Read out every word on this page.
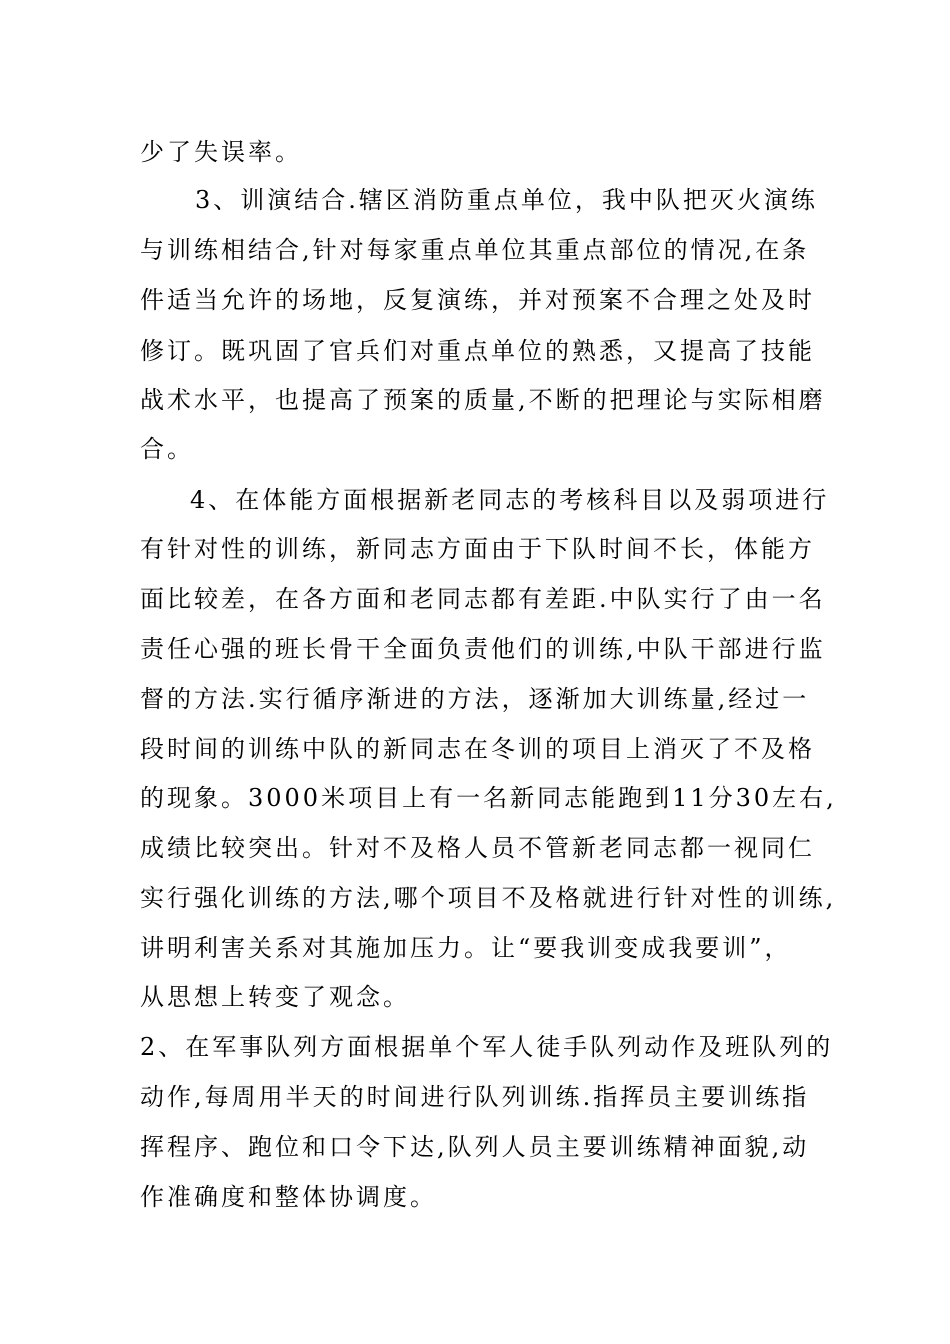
少了失误率。
3、训演结合.辖区消防重点单位，我中队把灭火演练
与训练相结合,针对每家重点单位其重点部位的情况,在条
件适当允许的场地，反复演练，并对预案不合理之处及时
修订。既巩固了官兵们对重点单位的熟悉，又提高了技能
战术水平，也提高了预案的质量,不断的把理论与实际相磨
合。
4、在体能方面根据新老同志的考核科目以及弱项进行
有针对性的训练，新同志方面由于下队时间不长，体能方
面比较差，在各方面和老同志都有差距.中队实行了由一名
责任心强的班长骨干全面负责他们的训练,中队干部进行监
督的方法.实行循序渐进的方法，逐渐加大训练量,经过一
段时间的训练中队的新同志在冬训的项目上消灭了不及格
的现象。3000米项目上有一名新同志能跑到11分30左右,
成绩比较突出。针对不及格人员不管新老同志都一视同仁
实行强化训练的方法,哪个项目不及格就进行针对性的训练,
讲明利害关系对其施加压力。让“要我训变成我要训”，
从思想上转变了观念。
2、在军事队列方面根据单个军人徒手队列动作及班队列的
动作,每周用半天的时间进行队列训练.指挥员主要训练指
挥程序、跑位和口令下达,队列人员主要训练精神面貌,动
作准确度和整体协调度。
